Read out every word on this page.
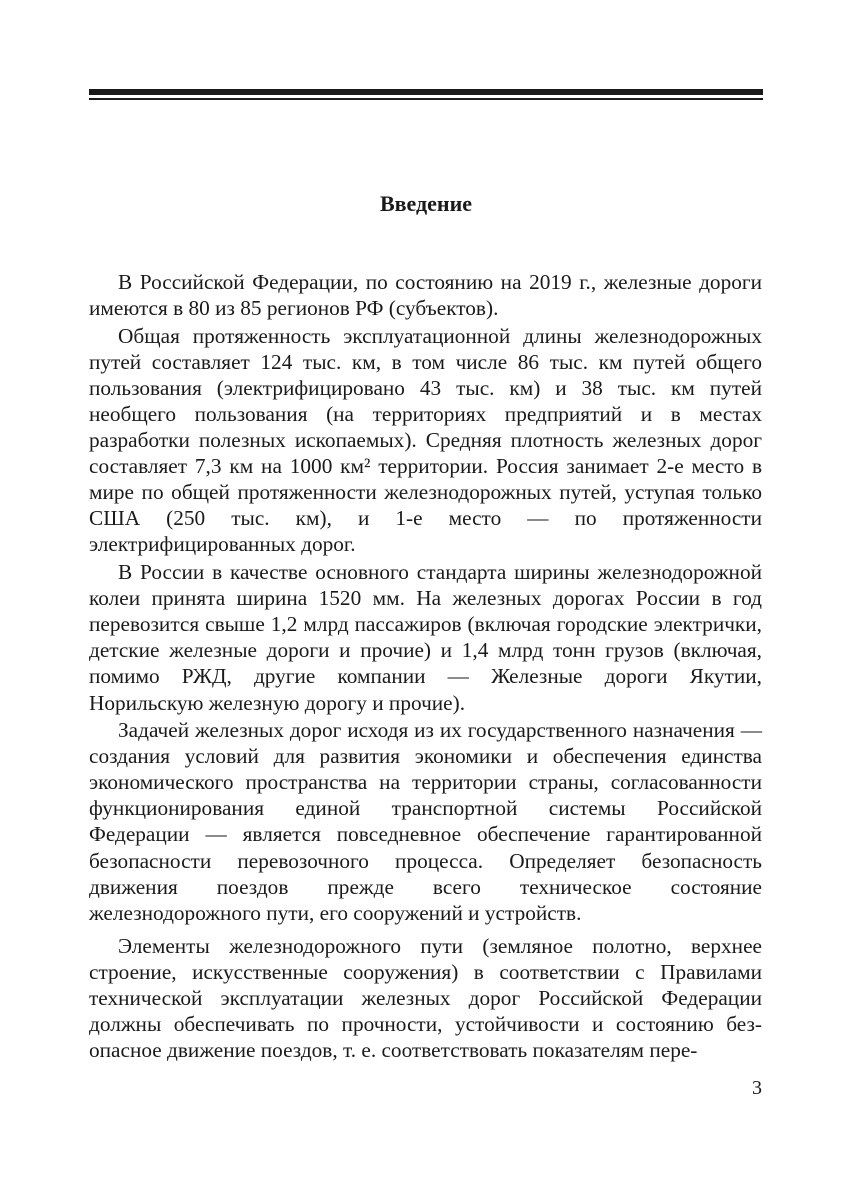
Введение

В Российской Федерации, по состоянию на 2019 г., железные дороги имеются в 80 из 85 регионов РФ (субъектов).

Общая протяженность эксплуатационной длины железнодорожных путей составляет 124 тыс. км, в том числе 86 тыс. км путей общего пользования (электрифицировано 43 тыс. км) и 38 тыс. км путей необщего пользования (на территориях предприятий и в местах разработки полезных ископаемых). Средняя плотность железных дорог составляет 7,3 км на 1000 км² территории. Россия занимает 2-е место в мире по общей протяженности железнодорожных путей, уступая только США (250 тыс. км), и 1-е место — по протяженности электрифицированных дорог.

В России в качестве основного стандарта ширины железнодорожной колеи принята ширина 1520 мм. На железных дорогах России в год перевозится свыше 1,2 млрд пассажиров (включая городские электрички, детские железные дороги и прочие) и 1,4 млрд тонн грузов (включая, помимо РЖД, другие компании — Железные дороги Якутии, Норильскую железную дорогу и прочие).

Задачей железных дорог исходя из их государственного назначения — создания условий для развития экономики и обеспечения единства экономического пространства на территории страны, согласованности функционирования единой транспортной системы Российской Федерации — является повседневное обеспечение гарантированной безопасности перевозочного процесса. Определяет безопасность движения поездов прежде всего техническое состояние железнодорожного пути, его сооружений и устройств.

Элементы железнодорожного пути (земляное полотно, верхнее строение, искусственные сооружения) в соответствии с Правилами технической эксплуатации железных дорог Российской Федерации должны обеспечивать по прочности, устойчивости и состоянию безопасное движение поездов, т. е. соответствовать показателям пере-

3
